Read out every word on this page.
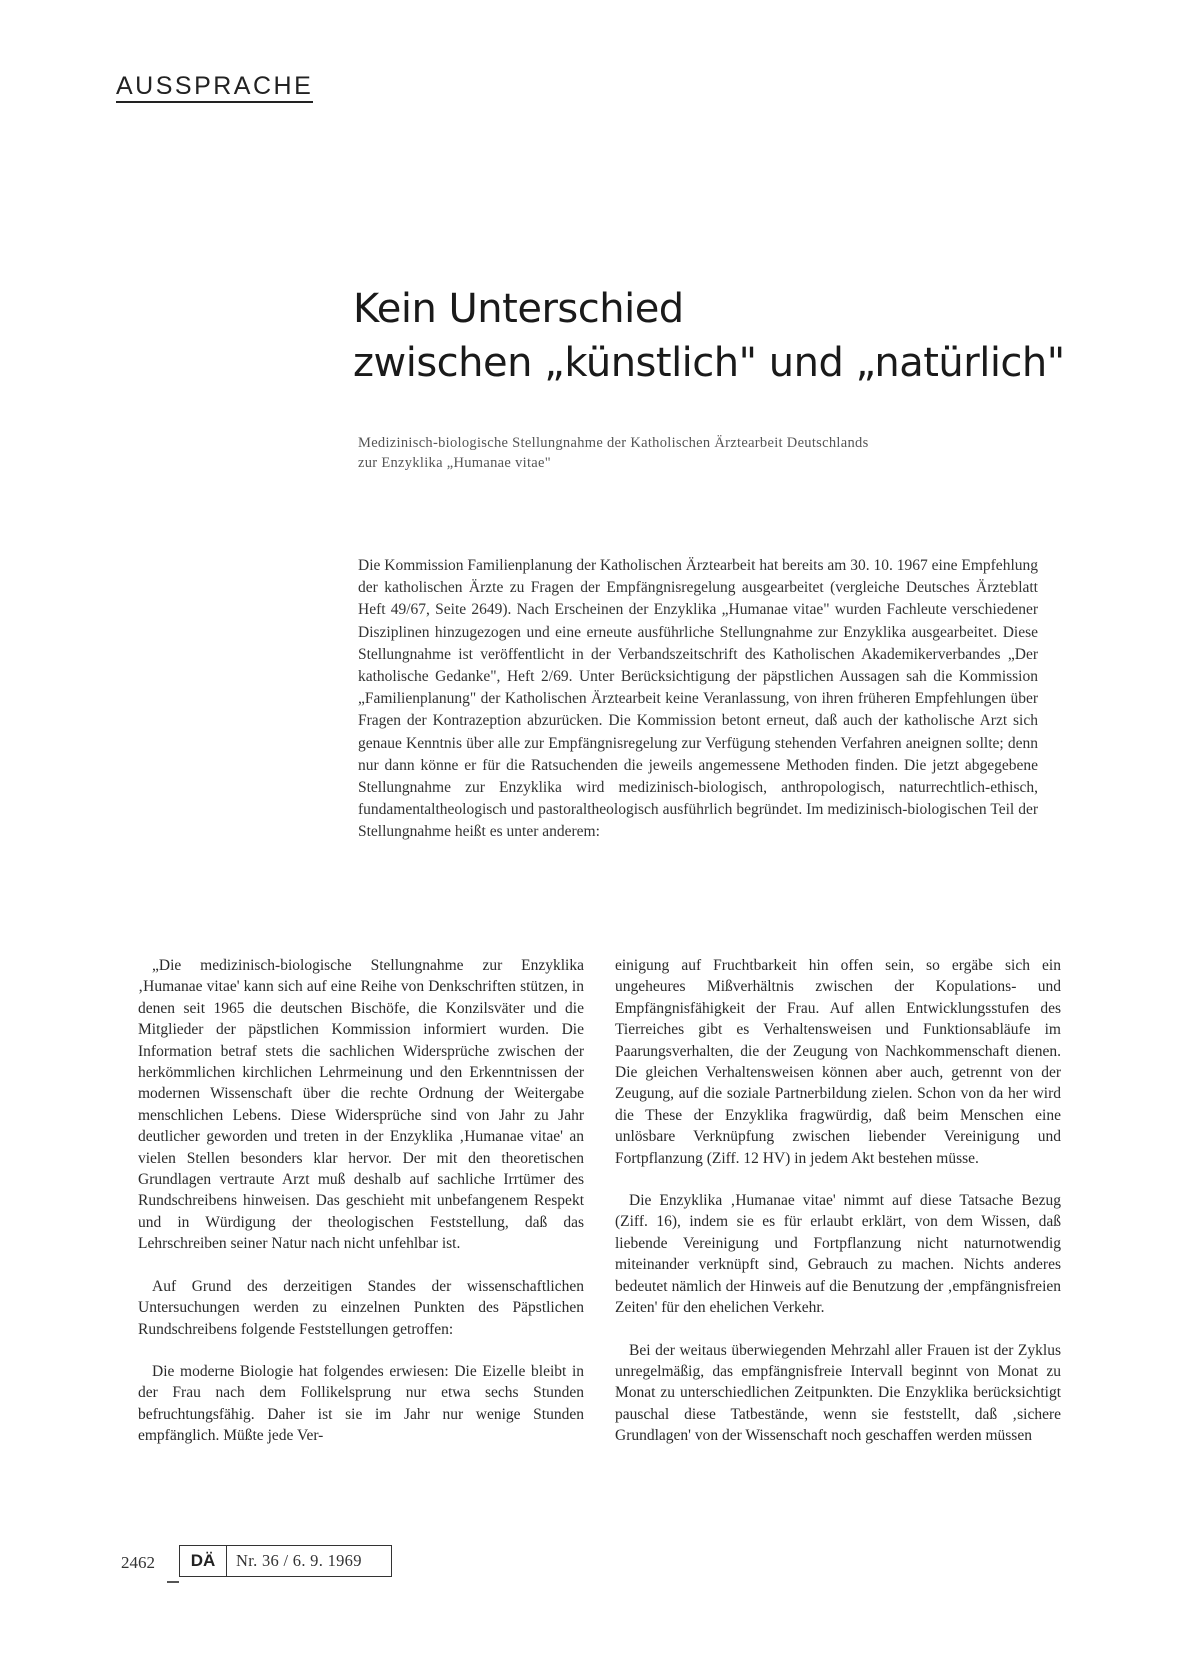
AUSSPRACHE
Kein Unterschied
zwischen „künstlich" und „natürlich"
Medizinisch-biologische Stellungnahme der Katholischen Ärztearbeit Deutschlands
zur Enzyklika „Humanae vitae"

Die Kommission Familienplanung der Katholischen Ärztearbeit hat bereits am 30. 10. 1967 eine Empfehlung der katholischen Ärzte zu Fragen der Empfängnisregelung ausgearbeitet (vergleiche Deutsches Ärzteblatt Heft 49/67, Seite 2649). Nach Erscheinen der Enzyklika „Humanae vitae" wurden Fachleute verschiedener Disziplinen hinzugezogen und eine erneute ausführliche Stellungnahme zur Enzyklika ausgearbeitet. Diese Stellungnahme ist veröffentlicht in der Verbandszeitschrift des Katholischen Akademikerverbandes „Der katholische Gedanke", Heft 2/69. Unter Berücksichtigung der päpstlichen Aussagen sah die Kommission „Familienplanung" der Katholischen Ärztearbeit keine Veranlassung, von ihren früheren Empfehlungen über Fragen der Kontrazeption abzurücken. Die Kommission betont erneut, daß auch der katholische Arzt sich genaue Kenntnis über alle zur Empfängnisregelung zur Verfügung stehenden Verfahren aneignen sollte; denn nur dann könne er für die Ratsuchenden die jeweils angemessene Methoden finden. Die jetzt abgegebene Stellungnahme zur Enzyklika wird medizinisch-biologisch, anthropologisch, naturrechtlich-ethisch, fundamentaltheologisch und pastoraltheologisch ausführlich begründet. Im medizinisch-biologischen Teil der Stellungnahme heißt es unter anderem:

„Die medizinisch-biologische Stellungnahme zur Enzyklika ‚Humanae vitae' kann sich auf eine Reihe von Denkschriften stützen, in denen seit 1965 die deutschen Bischöfe, die Konzilsväter und die Mitglieder der päpstlichen Kommission informiert wurden. Die Information betraf stets die sachlichen Widersprüche zwischen der herkömmlichen kirchlichen Lehrmeinung und den Erkenntnissen der modernen Wissenschaft über die rechte Ordnung der Weitergabe menschlichen Lebens. Diese Widersprüche sind von Jahr zu Jahr deutlicher geworden und treten in der Enzyklika ‚Humanae vitae' an vielen Stellen besonders klar hervor. Der mit den theoretischen Grundlagen vertraute Arzt muß deshalb auf sachliche Irrtümer des Rundschreibens hinweisen. Das geschieht mit unbefangenem Respekt und in Würdigung der theologischen Feststellung, daß das Lehrschreiben seiner Natur nach nicht unfehlbar ist.

Auf Grund des derzeitigen Standes der wissenschaftlichen Untersuchungen werden zu einzelnen Punkten des Päpstlichen Rundschreibens folgende Feststellungen getroffen:

Die moderne Biologie hat folgendes erwiesen: Die Eizelle bleibt in der Frau nach dem Follikelsprung nur etwa sechs Stunden befruchtungsfähig. Daher ist sie im Jahr nur wenige Stunden empfänglich. Müßte jede Ver-

einigung auf Fruchtbarkeit hin offen sein, so ergäbe sich ein ungeheures Mißverhältnis zwischen der Kopulations- und Empfängnisfähigkeit der Frau. Auf allen Entwicklungsstufen des Tierreiches gibt es Verhaltensweisen und Funktionsabläufe im Paarungsverhalten, die der Zeugung von Nachkommenschaft dienen. Die gleichen Verhaltensweisen können aber auch, getrennt von der Zeugung, auf die soziale Partnerbildung zielen. Schon von da her wird die These der Enzyklika fragwürdig, daß beim Menschen eine unlösbare Verknüpfung zwischen liebender Vereinigung und Fortpflanzung (Ziff. 12 HV) in jedem Akt bestehen müsse.

Die Enzyklika ‚Humanae vitae' nimmt auf diese Tatsache Bezug (Ziff. 16), indem sie es für erlaubt erklärt, von dem Wissen, daß liebende Vereinigung und Fortpflanzung nicht naturnotwendig miteinander verknüpft sind, Gebrauch zu machen. Nichts anderes bedeutet nämlich der Hinweis auf die Benutzung der ‚empfängnisfreien Zeiten' für den ehelichen Verkehr.

Bei der weitaus überwiegenden Mehrzahl aller Frauen ist der Zyklus unregelmäßig, das empfängnisfreie Intervall beginnt von Monat zu Monat zu unterschiedlichen Zeitpunkten. Die Enzyklika berücksichtigt pauschal diese Tatbestände, wenn sie feststellt, daß ‚sichere Grundlagen' von der Wissenschaft noch geschaffen werden müssen

2462	DÄ	Nr. 36 / 6. 9. 1969
